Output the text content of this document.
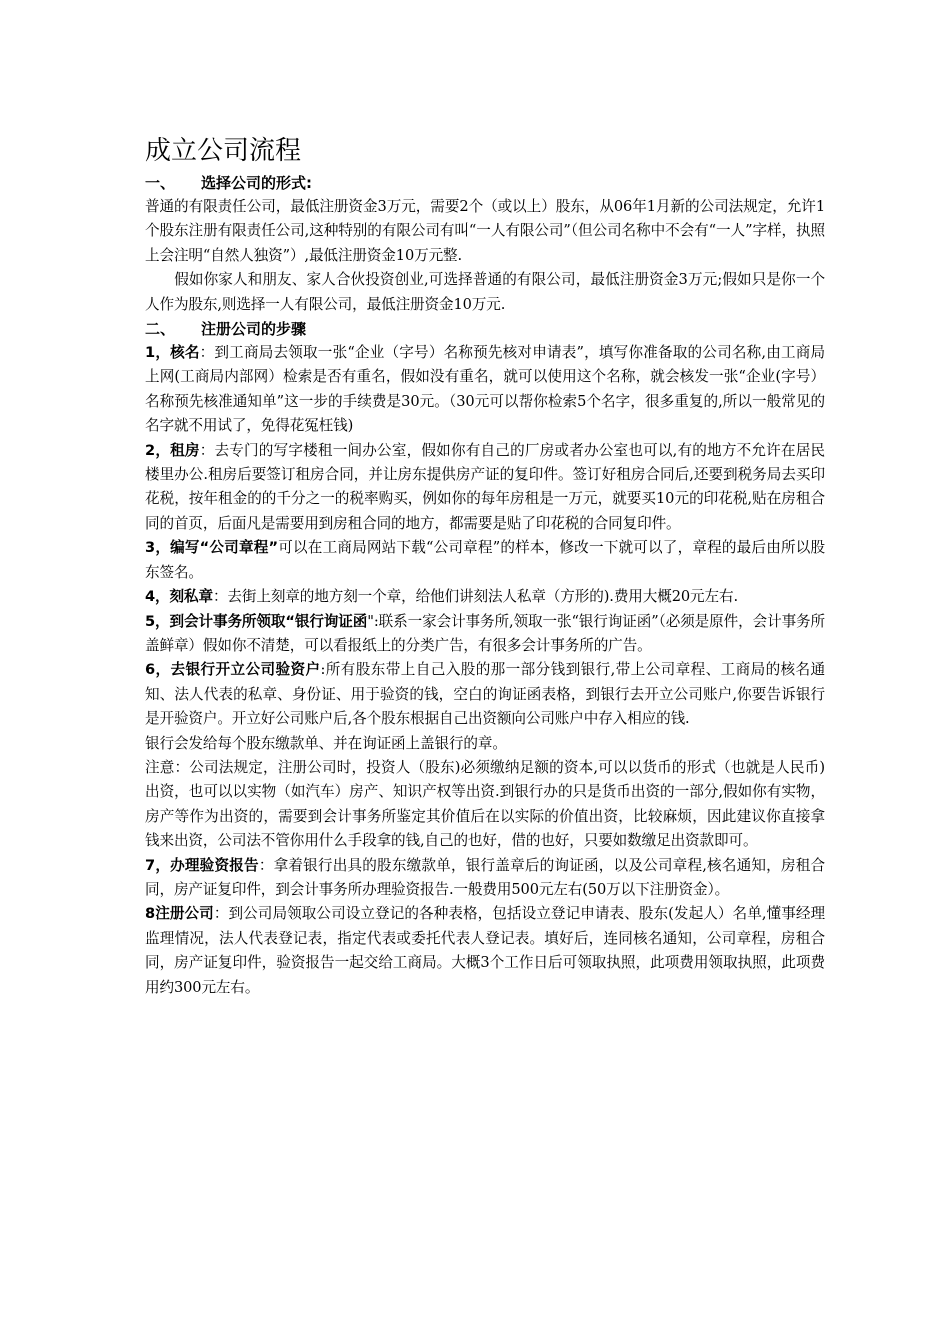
成立公司流程
一、 选择公司的形式:

普通的有限责任公司，最低注册资金3万元，需要2个（或以上）股东，从06年1月新的公司法规定，允许1个股东注册有限责任公司,这种特别的有限公司有叫“一人有限公司”（但公司名称中不会有“一人”字样，执照上会注明“自然人独资”）,最低注册资金10万元整.

假如你家人和朋友、家人合伙投资创业,可选择普通的有限公司，最低注册资金3万元;假如只是你一个人作为股东,则选择一人有限公司，最低注册资金10万元.

二、 注册公司的步骤

1，核名：到工商局去领取一张“企业（字号）名称预先核对申请表”，填写你准备取的公司名称,由工商局上网(工商局内部网）检索是否有重名，假如没有重名，就可以使用这个名称，就会核发一张“企业(字号）名称预先核准通知单”这一步的手续费是30元。（30元可以帮你检索5个名字，很多重复的,所以一般常见的名字就不用试了，免得花冤枉钱)

2，租房：去专门的写字楼租一间办公室，假如你有自己的厂房或者办公室也可以,有的地方不允许在居民楼里办公.租房后要签订租房合同，并让房东提供房产证的复印件。签订好租房合同后,还要到税务局去买印花税，按年租金的的千分之一的税率购买，例如你的每年房租是一万元，就要买10元的印花税,贴在房租合同的首页，后面凡是需要用到房租合同的地方，都需要是贴了印花税的合同复印件。

3，编写“公司章程”可以在工商局网站下载“公司章程”的样本，修改一下就可以了，章程的最后由所以股东签名。

4，刻私章：去街上刻章的地方刻一个章，给他们讲刻法人私章（方形的).费用大概20元左右.

5，到会计事务所领取“银行询证函":联系一家会计事务所,领取一张“银行询证函”（必须是原件，会计事务所盖鲜章）假如你不清楚，可以看报纸上的分类广告，有很多会计事务所的广告。

6，去银行开立公司验资户:所有股东带上自己入股的那一部分钱到银行,带上公司章程、工商局的核名通知、法人代表的私章、身份证、用于验资的钱，空白的询证函表格，到银行去开立公司账户,你要告诉银行是开验资户。开立好公司账户后,各个股东根据自己出资额向公司账户中存入相应的钱.

银行会发给每个股东缴款单、并在询证函上盖银行的章。

注意：公司法规定，注册公司时，投资人（股东)必须缴纳足额的资本,可以以货币的形式（也就是人民币)出资，也可以以实物（如汽车）房产、知识产权等出资.到银行办的只是货币出资的一部分,假如你有实物，房产等作为出资的，需要到会计事务所鉴定其价值后在以实际的价值出资，比较麻烦，因此建议你直接拿钱来出资，公司法不管你用什么手段拿的钱,自己的也好，借的也好，只要如数缴足出资款即可。

7，办理验资报告：拿着银行出具的股东缴款单，银行盖章后的询证函，以及公司章程,核名通知，房租合同，房产证复印件，到会计事务所办理验资报告.一般费用500元左右(50万以下注册资金）。

8注册公司：到公司局领取公司设立登记的各种表格，包括设立登记申请表、股东(发起人）名单,懂事经理监理情况，法人代表登记表，指定代表或委托代表人登记表。填好后，连同核名通知，公司章程，房租合同，房产证复印件，验资报告一起交给工商局。大概3个工作日后可领取执照，此项费用领取执照，此项费用约300元左右。
